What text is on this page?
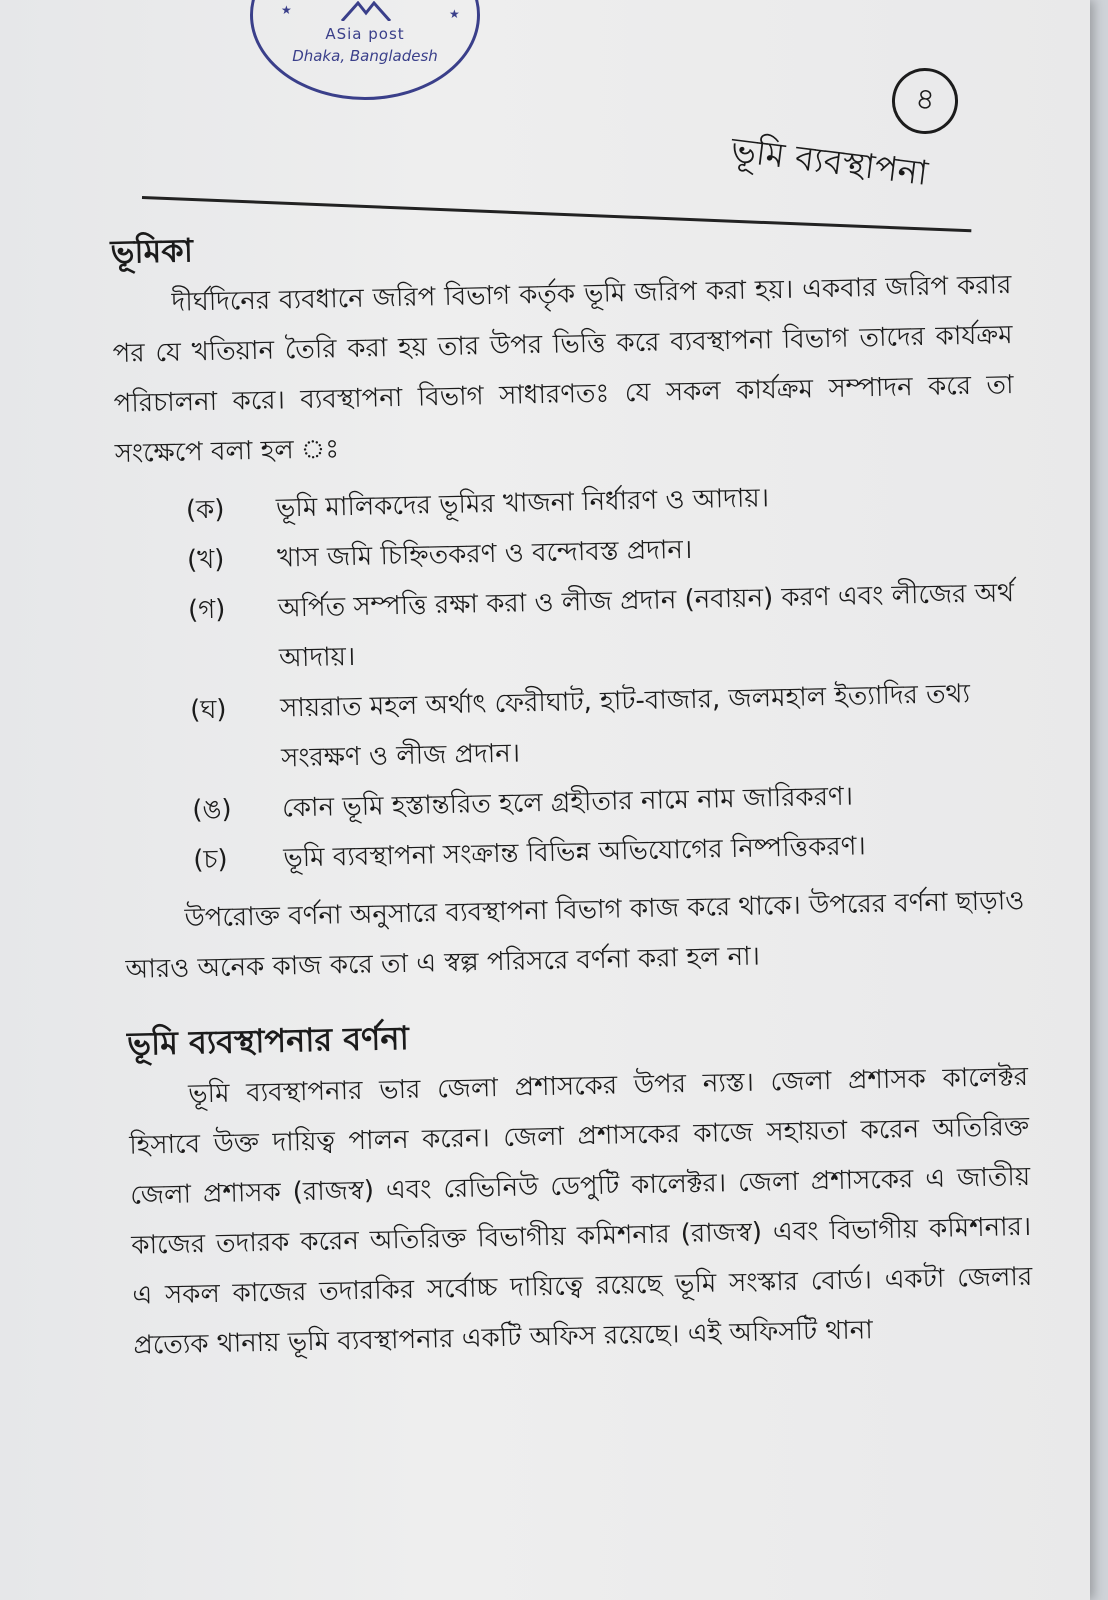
★	★
ASia post
Dhaka, Bangladesh
৪
ভূমি ব্যবস্থাপনা

ভূমিকা

দীর্ঘদিনের ব্যবধানে জরিপ বিভাগ কর্তৃক ভূমি জরিপ করা হয়। একবার জরিপ করার পর যে খতিয়ান তৈরি করা হয় তার উপর ভিত্তি করে ব্যবস্থাপনা বিভাগ তাদের কার্যক্রম পরিচালনা করে। ব্যবস্থাপনা বিভাগ সাধারণতঃ যে সকল কার্যক্রম সম্পাদন করে তা সংক্ষেপে বলা হল ঃ

(ক)	ভূমি মালিকদের ভূমির খাজনা নির্ধারণ ও আদায়।
(খ)	খাস জমি চিহ্নিতকরণ ও বন্দোবস্ত প্রদান।
(গ)	অর্পিত সম্পত্তি রক্ষা করা ও লীজ প্রদান (নবায়ন) করণ এবং লীজের অর্থ আদায়।
(ঘ)	সায়রাত মহল অর্থাৎ ফেরীঘাট, হাট-বাজার, জলমহাল ইত্যাদির তথ্য সংরক্ষণ ও লীজ প্রদান।
(ঙ)	কোন ভূমি হস্তান্তরিত হলে গ্রহীতার নামে নাম জারিকরণ।
(চ)	ভূমি ব্যবস্থাপনা সংক্রান্ত বিভিন্ন অভিযোগের নিষ্পত্তিকরণ।

উপরোক্ত বর্ণনা অনুসারে ব্যবস্থাপনা বিভাগ কাজ করে থাকে। উপরের বর্ণনা ছাড়াও আরও অনেক কাজ করে তা এ স্বল্প পরিসরে বর্ণনা করা হল না।

ভূমি ব্যবস্থাপনার বর্ণনা

ভূমি ব্যবস্থাপনার ভার জেলা প্রশাসকের উপর ন্যস্ত। জেলা প্রশাসক কালেক্টর হিসাবে উক্ত দায়িত্ব পালন করেন। জেলা প্রশাসকের কাজে সহায়তা করেন অতিরিক্ত জেলা প্রশাসক (রাজস্ব) এবং রেভিনিউ ডেপুটি কালেক্টর। জেলা প্রশাসকের এ জাতীয় কাজের তদারক করেন অতিরিক্ত বিভাগীয় কমিশনার (রাজস্ব) এবং বিভাগীয় কমিশনার। এ সকল কাজের তদারকির সর্বোচ্চ দায়িত্বে রয়েছে ভূমি সংস্কার বোর্ড। একটা জেলার প্রত্যেক থানায় ভূমি ব্যবস্থাপনার একটি অফিস রয়েছে। এই অফিসটি থানা
